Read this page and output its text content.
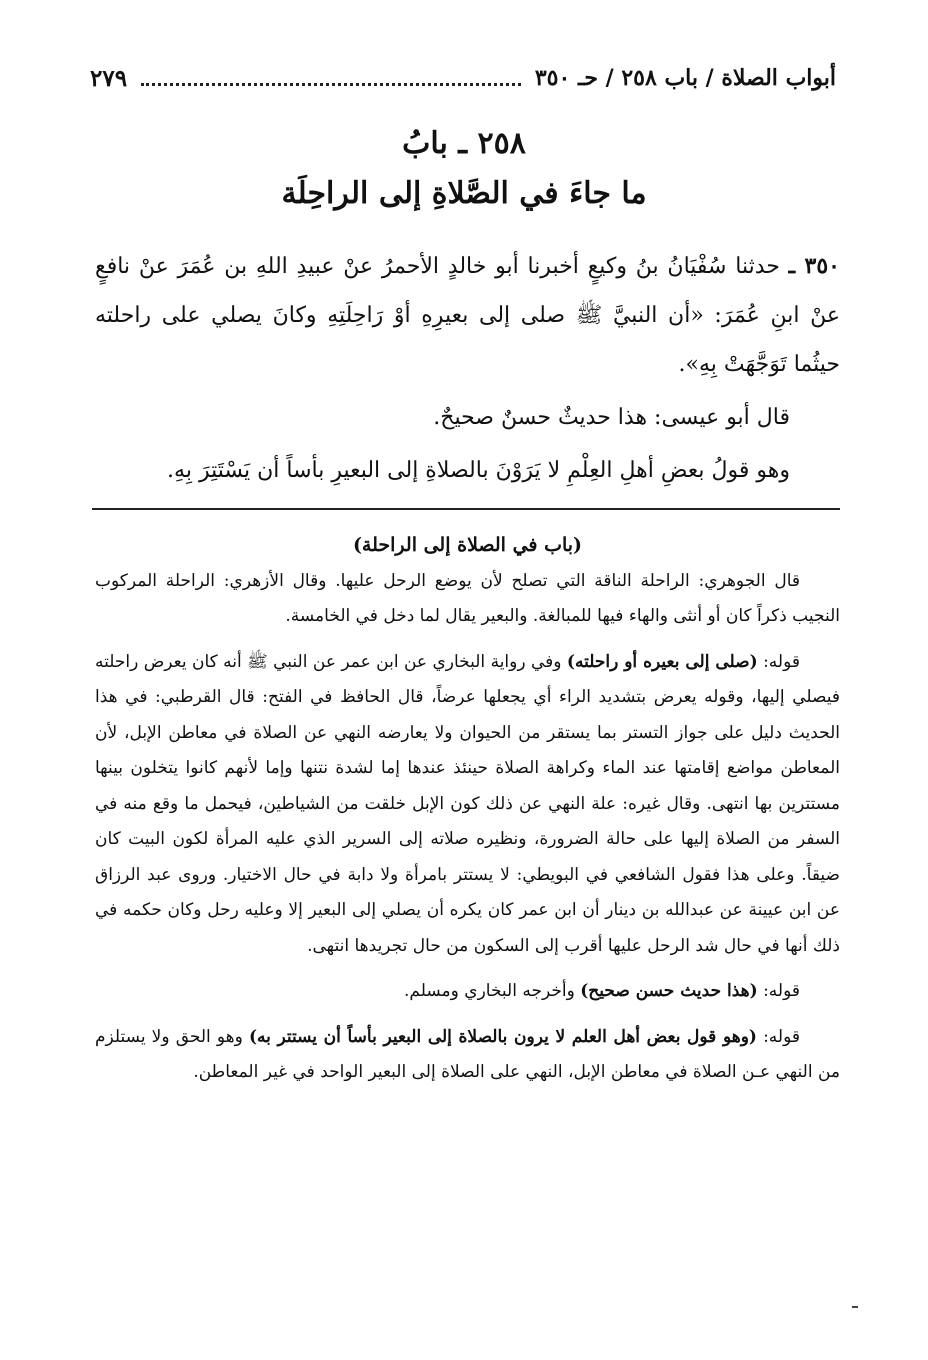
أبواب الصلاة / باب ٢٥٨ / حـ ٣٥٠
٢٧٩
٢٥٨ ـ بابُ
ما جاءَ في الصَّلاةِ إلى الراحِلَة

٣٥٠ ـ حدثنا سُفْيَانُ بنُ وكيعٍ أخبرنا أبو خالدٍ الأحمرُ عنْ عبيدِ اللهِ بن عُمَرَ عنْ نافعٍ عنْ ابنِ عُمَرَ: «أن النبيَّ ﷺ صلى إلى بعيرِهِ أوْ رَاحِلَتِهِ وكانَ يصلي على راحلته حيثُما تَوَجَّهَتْ بِهِ».

قال أبو عيسى: هذا حديثٌ حسنٌ صحيحٌ.

وهو قولُ بعضِ أهلِ العِلْمِ لا يَرَوْنَ بالصلاةِ إلى البعيرِ بأساً أن يَسْتَتِرَ بِهِ.

(باب في الصلاة إلى الراحلة)

قال الجوهري: الراحلة الناقة التي تصلح لأن يوضع الرحل عليها. وقال الأزهري: الراحلة المركوب النجيب ذكراً كان أو أنثى والهاء فيها للمبالغة. والبعير يقال لما دخل في الخامسة.

قوله: (صلى إلى بعيره أو راحلته) وفي رواية البخاري عن ابن عمر عن النبي ﷺ أنه كان يعرض راحلته فيصلي إليها، وقوله يعرض بتشديد الراء أي يجعلها عرضاً، قال الحافظ في الفتح: قال القرطبي: في هذا الحديث دليل على جواز التستر بما يستقر من الحيوان ولا يعارضه النهي عن الصلاة في معاطن الإبل، لأن المعاطن مواضع إقامتها عند الماء وكراهة الصلاة حينئذ عندها إما لشدة نتنها وإما لأنهم كانوا يتخلون بينها مستترين بها انتهى. وقال غيره: علة النهي عن ذلك كون الإبل خلقت من الشياطين، فيحمل ما وقع منه في السفر من الصلاة إليها على حالة الضرورة، ونظيره صلاته إلى السرير الذي عليه المرأة لكون البيت كان ضيقاً. وعلى هذا فقول الشافعي في البويطي: لا يستتر بامرأة ولا دابة في حال الاختيار. وروى عبد الرزاق عن ابن عيينة عن عبدالله بن دينار أن ابن عمر كان يكره أن يصلي إلى البعير إلا وعليه رحل وكان حكمه في ذلك أنها في حال شد الرحل عليها أقرب إلى السكون من حال تجريدها انتهى.

قوله: (هذا حديث حسن صحيح) وأخرجه البخاري ومسلم.

قوله: (وهو قول بعض أهل العلم لا يرون بالصلاة إلى البعير بأساً أن يستتر به) وهو الحق ولا يستلزم من النهي عـن الصلاة في معاطن الإبل، النهي على الصلاة إلى البعير الواحد في غير المعاطن.
